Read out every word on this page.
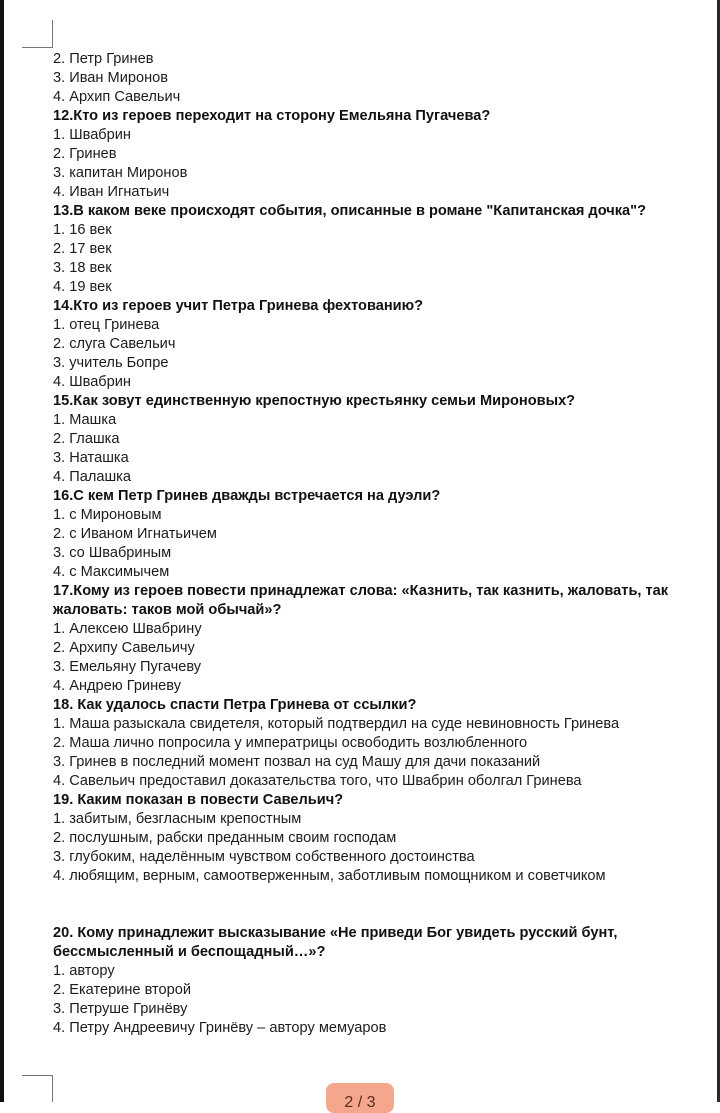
2. Петр Гринев
3. Иван Миронов
4. Архип Савельич
12.Кто из героев переходит на сторону Емельяна Пугачева?
1. Швабрин
2. Гринев
3. капитан Миронов
4. Иван Игнатьич
13.В каком веке происходят события, описанные в романе "Капитанская дочка"?
1. 16 век
2. 17 век
3. 18 век
4. 19 век
14.Кто из героев учит Петра Гринева фехтованию?
1. отец Гринева
2. слуга Савельич
3. учитель Бопре
4. Швабрин
15.Как зовут единственную крепостную крестьянку семьи Мироновых?
1. Машка
2. Глашка
3. Наташка
4. Палашка
16.С кем Петр Гринев дважды встречается на дуэли?
1. с Мироновым
2. с Иваном Игнатьичем
3. со Швабриным
4. с Максимычем
17.Кому из героев повести принадлежат слова: «Казнить, так казнить, жаловать, так жаловать: таков мой обычай»?
1. Алексею Швабрину
2. Архипу Савельичу
3. Емельяну Пугачеву
4. Андрею Гриневу
18. Как удалось спасти Петра Гринева от ссылки?
1. Маша разыскала свидетеля, который подтвердил на суде невиновность Гринева
2. Маша лично попросила у императрицы освободить возлюбленного
3. Гринев в последний момент позвал на суд Машу для дачи показаний
4. Савельич предоставил доказательства того, что Швабрин оболгал Гринева
19. Каким показан в повести Савельич?
1. забитым, безгласным крепостным
2. послушным, рабски преданным своим господам
3. глубоким, наделённым чувством собственного достоинства
4. любящим, верным, самоотверженным, заботливым помощником и советчиком
20. Кому принадлежит высказывание «Не приведи Бог увидеть русский бунт, бессмысленный и беспощадный…»?
1. автору
2. Екатерине второй
3. Петруше Гринёву
4. Петру Андреевичу Гринёву – автору мемуаров
2 / 3
